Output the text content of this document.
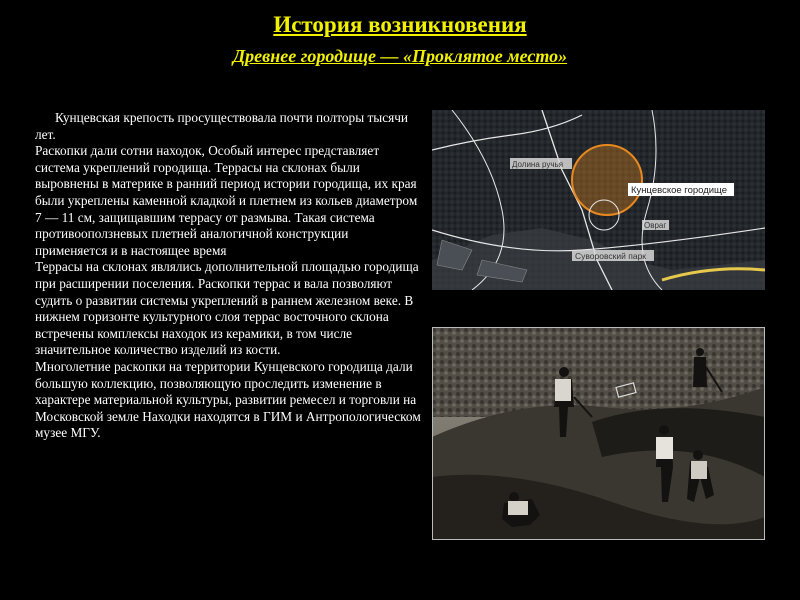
История возникновения
Древнее городище — «Проклятое место»

Кунцевская крепость просуществовала почти полторы тысячи лет.

Раскопки дали сотни находок, Особый интерес представляет система укреплений городища. Террасы на склонах были выровнены в материке в ранний период истории городища, их края были укреплены каменной кладкой и плетнем из кольев диаметром 7 — 11 см, защищавшим террасу от размыва. Такая система противооползневых плетней аналогичной конструкции применяется и в настоящее время

Террасы на склонах являлись дополнительной площадью городища при расширении поселения. Раскопки террас и вала позволяют судить о развитии системы укреплений в раннем железном веке. В нижнем горизонте культурного слоя террас восточного склона встречены комплексы находок из керамики, в том числе значительное количество изделий из кости.

Многолетние раскопки на территории Кунцевского городища дали большую коллекцию, позволяющую проследить изменение в характере материальной культуры, развитии ремесел и торговли на Московской земле Находки находятся в ГИМ и Антропологическом музее МГУ.

Долина ручья
Кунцевское городище
Овраг
Суворовский парк
